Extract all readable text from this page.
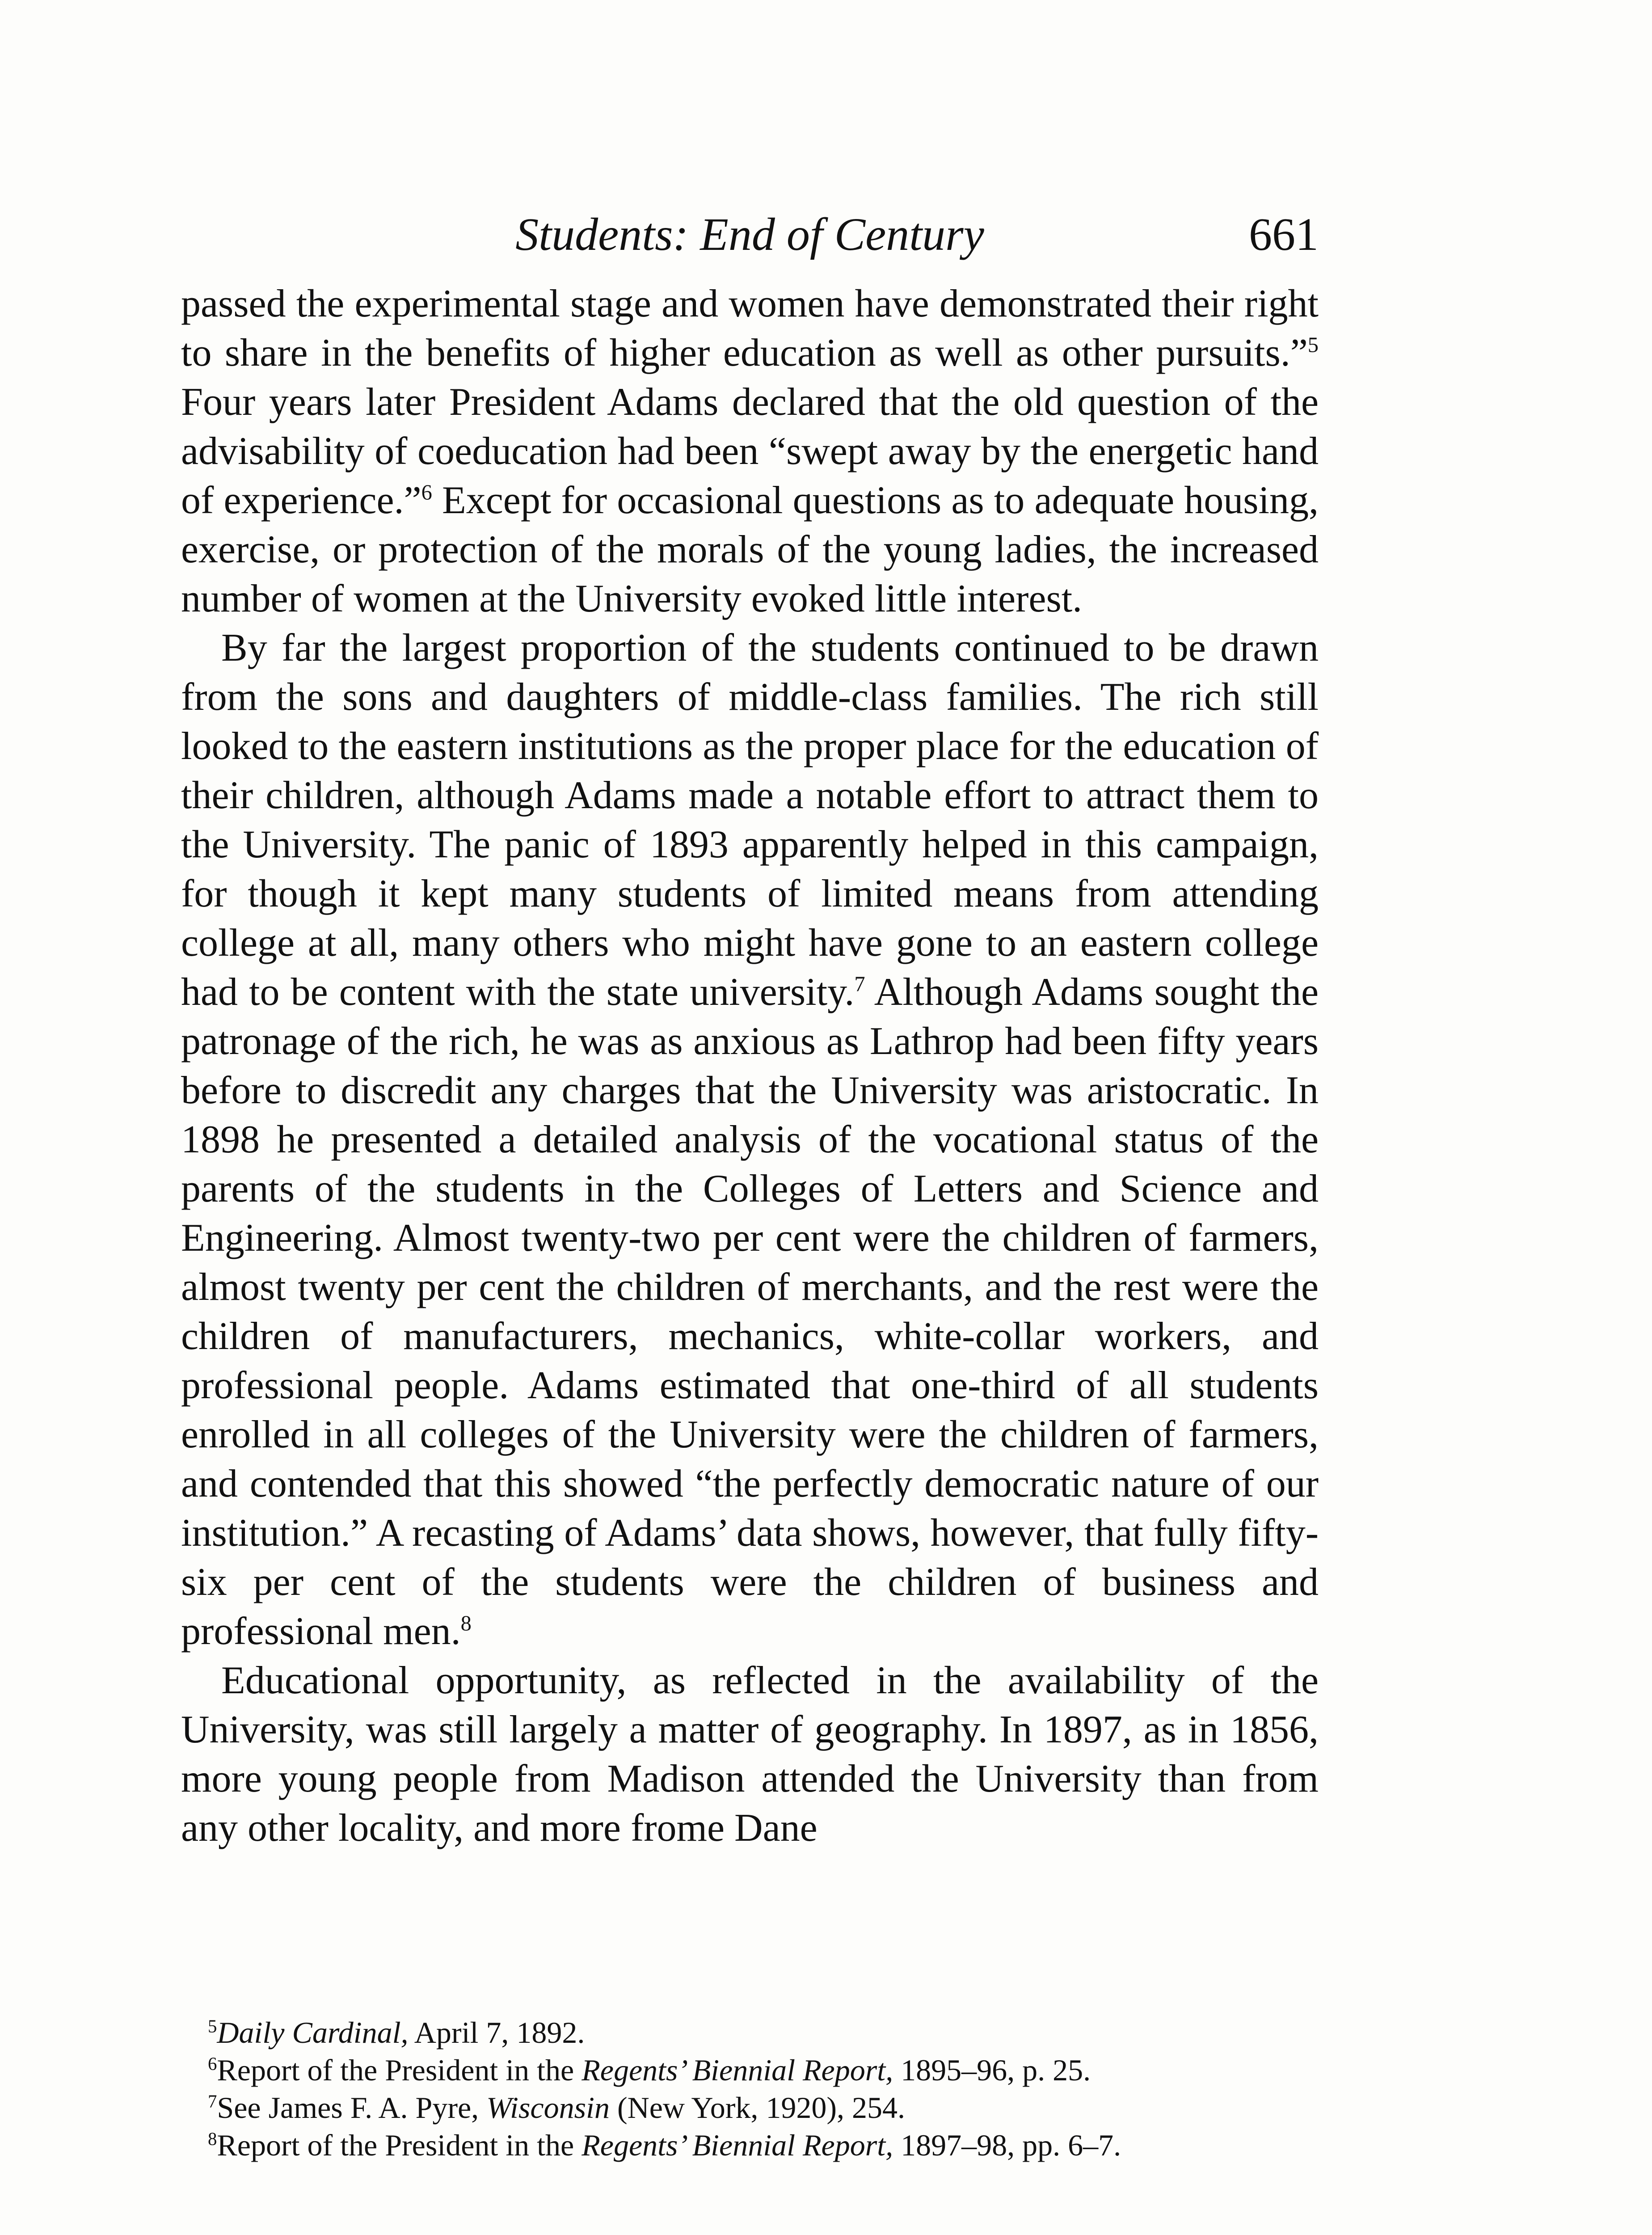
Students: End of Century	661

passed the experimental stage and women have demonstrated their right to share in the benefits of higher education as well as other pursuits.”$^5$ Four years later President Adams declared that the old question of the advisability of coeducation had been “swept away by the energetic hand of experience.”$^6$ Except for occasional questions as to adequate housing, exercise, or protection of the morals of the young ladies, the increased number of women at the University evoked little interest.

By far the largest proportion of the students continued to be drawn from the sons and daughters of middle-class families. The rich still looked to the eastern institutions as the proper place for the education of their children, although Adams made a notable effort to attract them to the University. The panic of 1893 apparently helped in this campaign, for though it kept many students of limited means from attending college at all, many others who might have gone to an eastern college had to be content with the state university.$^7$ Although Adams sought the patronage of the rich, he was as anxious as Lathrop had been fifty years before to discredit any charges that the University was aristocratic. In 1898 he presented a detailed analysis of the vocational status of the parents of the students in the Colleges of Letters and Science and Engineering. Almost twenty-two per cent were the children of farmers, almost twenty per cent the children of merchants, and the rest were the children of manufacturers, mechanics, white-collar workers, and professional people. Adams estimated that one-third of all students enrolled in all colleges of the University were the children of farmers, and contended that this showed “the perfectly democratic nature of our institution.” A recasting of Adams’ data shows, however, that fully fifty-six per cent of the students were the children of business and professional men.$^8$

Educational opportunity, as reflected in the availability of the University, was still largely a matter of geography. In 1897, as in 1856, more young people from Madison attended the University than from any other locality, and more frome Dane

$^5$Daily Cardinal, April 7, 1892.

$^6$Report of the President in the Regents’ Biennial Report, 1895–96, p. 25.

$^7$See James F. A. Pyre, Wisconsin (New York, 1920), 254.

$^8$Report of the President in the Regents’ Biennial Report, 1897–98, pp. 6–7.
